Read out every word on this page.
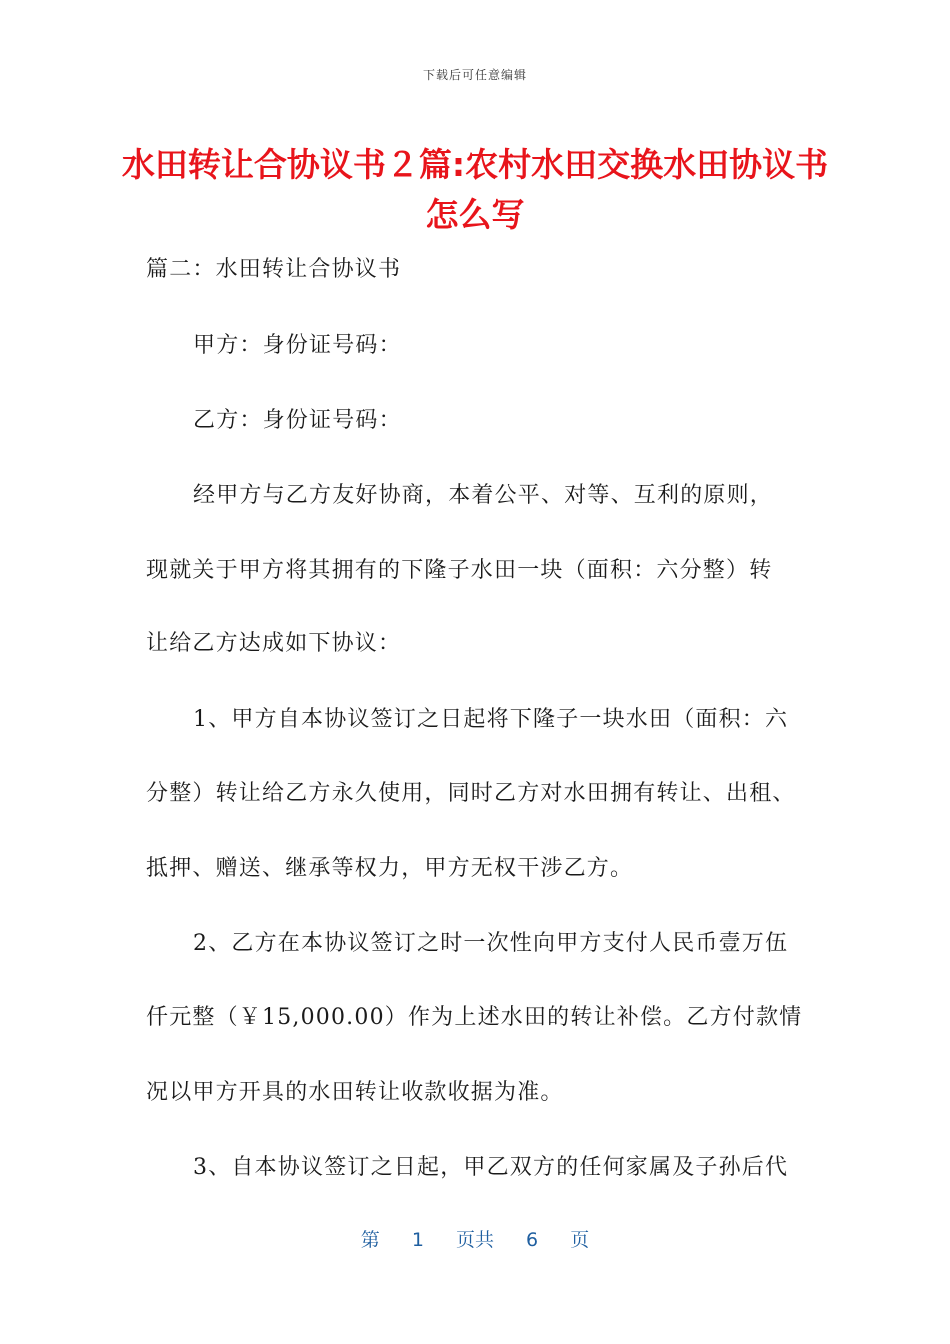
下载后可任意编辑
水田转让合协议书２篇:农村水田交换水田协议书怎么写
篇二：水田转让合协议书
甲方：身份证号码：
乙方：身份证号码：
经甲方与乙方友好协商，本着公平、对等、互利的原则，
现就关于甲方将其拥有的下隆子水田一块（面积：六分整）转
让给乙方达成如下协议：
1、甲方自本协议签订之日起将下隆子一块水田（面积：六
分整）转让给乙方永久使用，同时乙方对水田拥有转让、出租、
抵押、赠送、继承等权力，甲方无权干涉乙方。
2、乙方在本协议签订之时一次性向甲方支付人民币壹万伍
仟元整（￥15,000.00）作为上述水田的转让补偿。乙方付款情
况以甲方开具的水田转让收款收据为准。
3、自本协议签订之日起，甲乙双方的任何家属及子孙后代
第 1 页共 6 页
